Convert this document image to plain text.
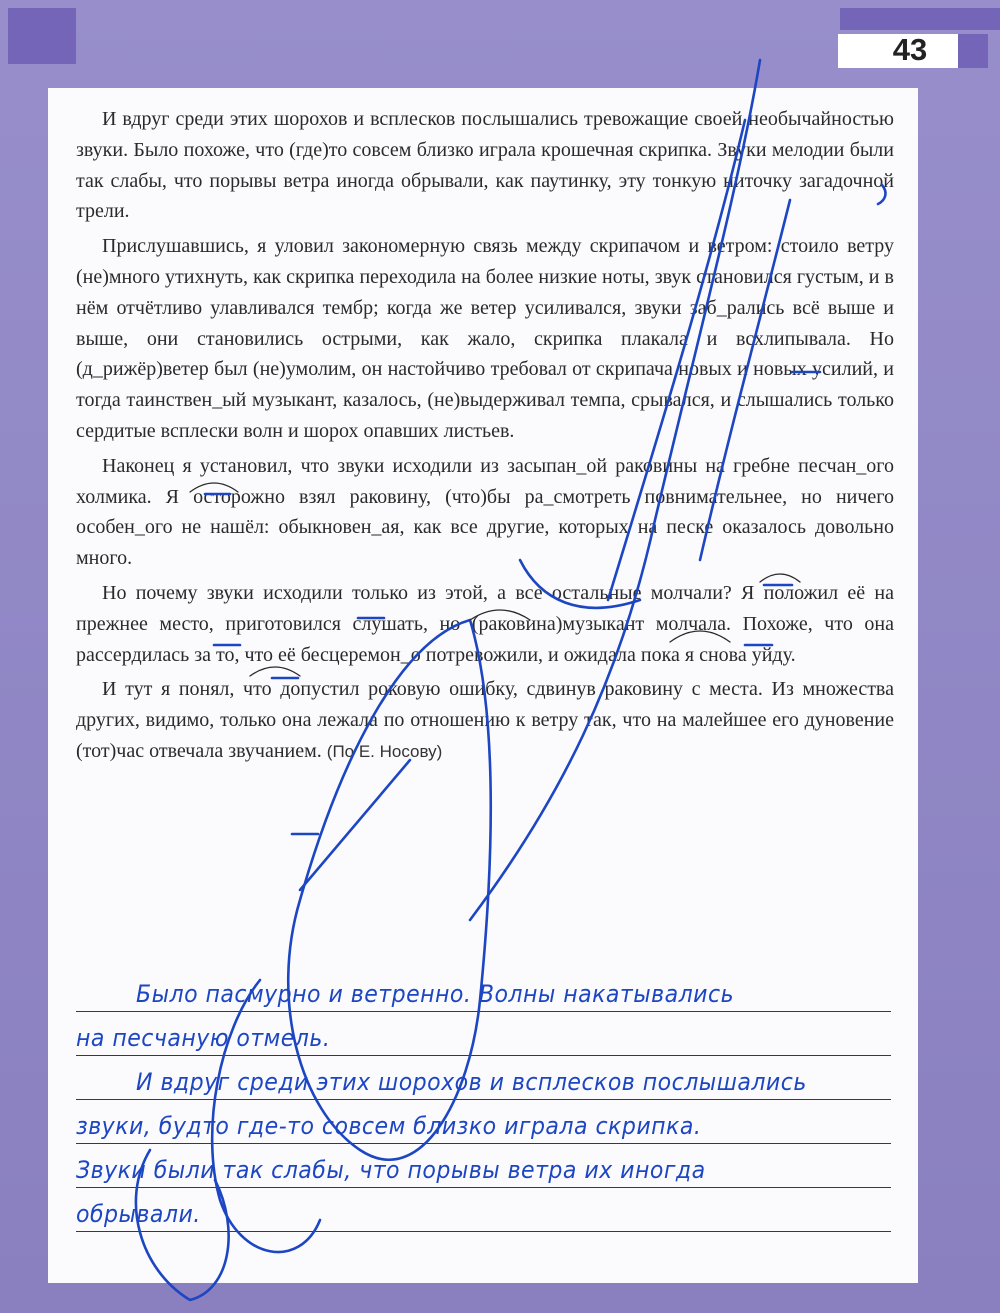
43

И вдруг среди этих шорохов и всплесков послышались тревожащие своей необычайностью звуки. Было похоже, что (где)то совсем близко играла крошечная скрипка. Звуки мелодии были так слабы, что порывы ветра иногда обрывали, как паутинку, эту тонкую ниточку загадочной трели.

Прислушавшись, я уловил закономерную связь между скрипачом и ветром: стоило ветру (не)много утихнуть, как скрипка переходила на более низкие ноты, звук становился густым, и в нём отчётливо улавливался тембр; когда же ветер усиливался, звуки заб_рались всё выше и выше, они становились острыми, как жало, скрипка плакала и всхлипывала. Но (д_рижёр)ветер был (не)умолим, он настойчиво требовал от скрипача новых и новых усилий, и тогда таинствен_ый музыкант, казалось, (не)выдерживал темпа, срывался, и слышались только сердитые всплески волн и шорох опавших листьев.

Наконец я установил, что звуки исходили из засыпан_ой раковины на гребне песчан_ого холмика. Я осторожно взял раковину, (что)бы ра_смотреть повнимательнее, но ничего особен_ого не нашёл: обыкновен_ая, как все другие, которых на песке оказалось довольно много.

Но почему звуки исходили только из этой, а все остальные молчали? Я положил её на прежнее место, приготовился слушать, но (раковина)музыкант молчала. Похоже, что она рассердилась за то, что её бесцеремон_о потревожили, и ожидала пока я снова уйду.

И тут я понял, что допустил роковую ошибку, сдвинув раковину с места. Из множества других, видимо, только она лежала по отношению к ветру так, что на малейшее его дуновение (тот)час отвечала звучанием. (По Е. Носову)

Было пасмурно и ветренно. Волны накатывались
на песчаную отмель.
И вдруг среди этих шорохов и всплесков послышались
звуки, будто где-то совсем близко играла скрипка.
Звуки были так слабы, что порывы ветра их иногда
обрывали.
